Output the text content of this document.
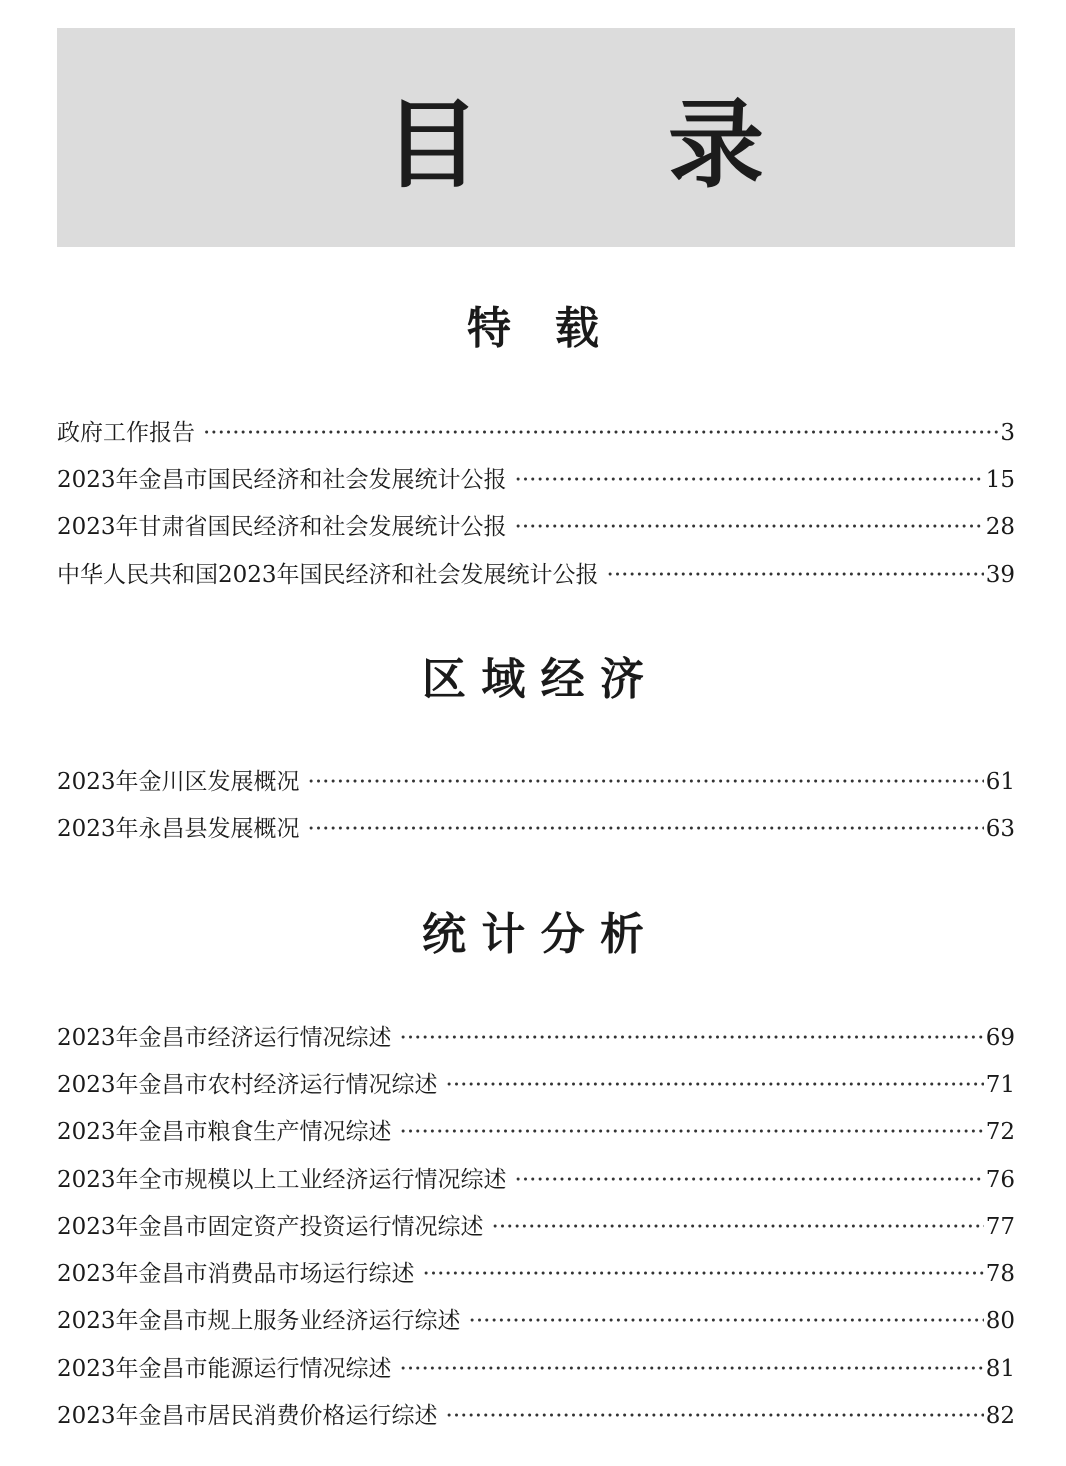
目 录
特　载
政府工作报告 ·····	3
2023年金昌市国民经济和社会发展统计公报 ·····	15
2023年甘肃省国民经济和社会发展统计公报 ·····	28
中华人民共和国2023年国民经济和社会发展统计公报 ·····	39
区 域 经 济
2023年金川区发展概况 ·····	61
2023年永昌县发展概况 ·····	63
统 计 分 析
2023年金昌市经济运行情况综述 ·····	69
2023年金昌市农村经济运行情况综述 ·····	71
2023年金昌市粮食生产情况综述 ·····	72
2023年全市规模以上工业经济运行情况综述 ·····	76
2023年金昌市固定资产投资运行情况综述 ·····	77
2023年金昌市消费品市场运行综述 ·····	78
2023年金昌市规上服务业经济运行综述 ·····	80
2023年金昌市能源运行情况综述 ·····	81
2023年金昌市居民消费价格运行综述 ·····	82
